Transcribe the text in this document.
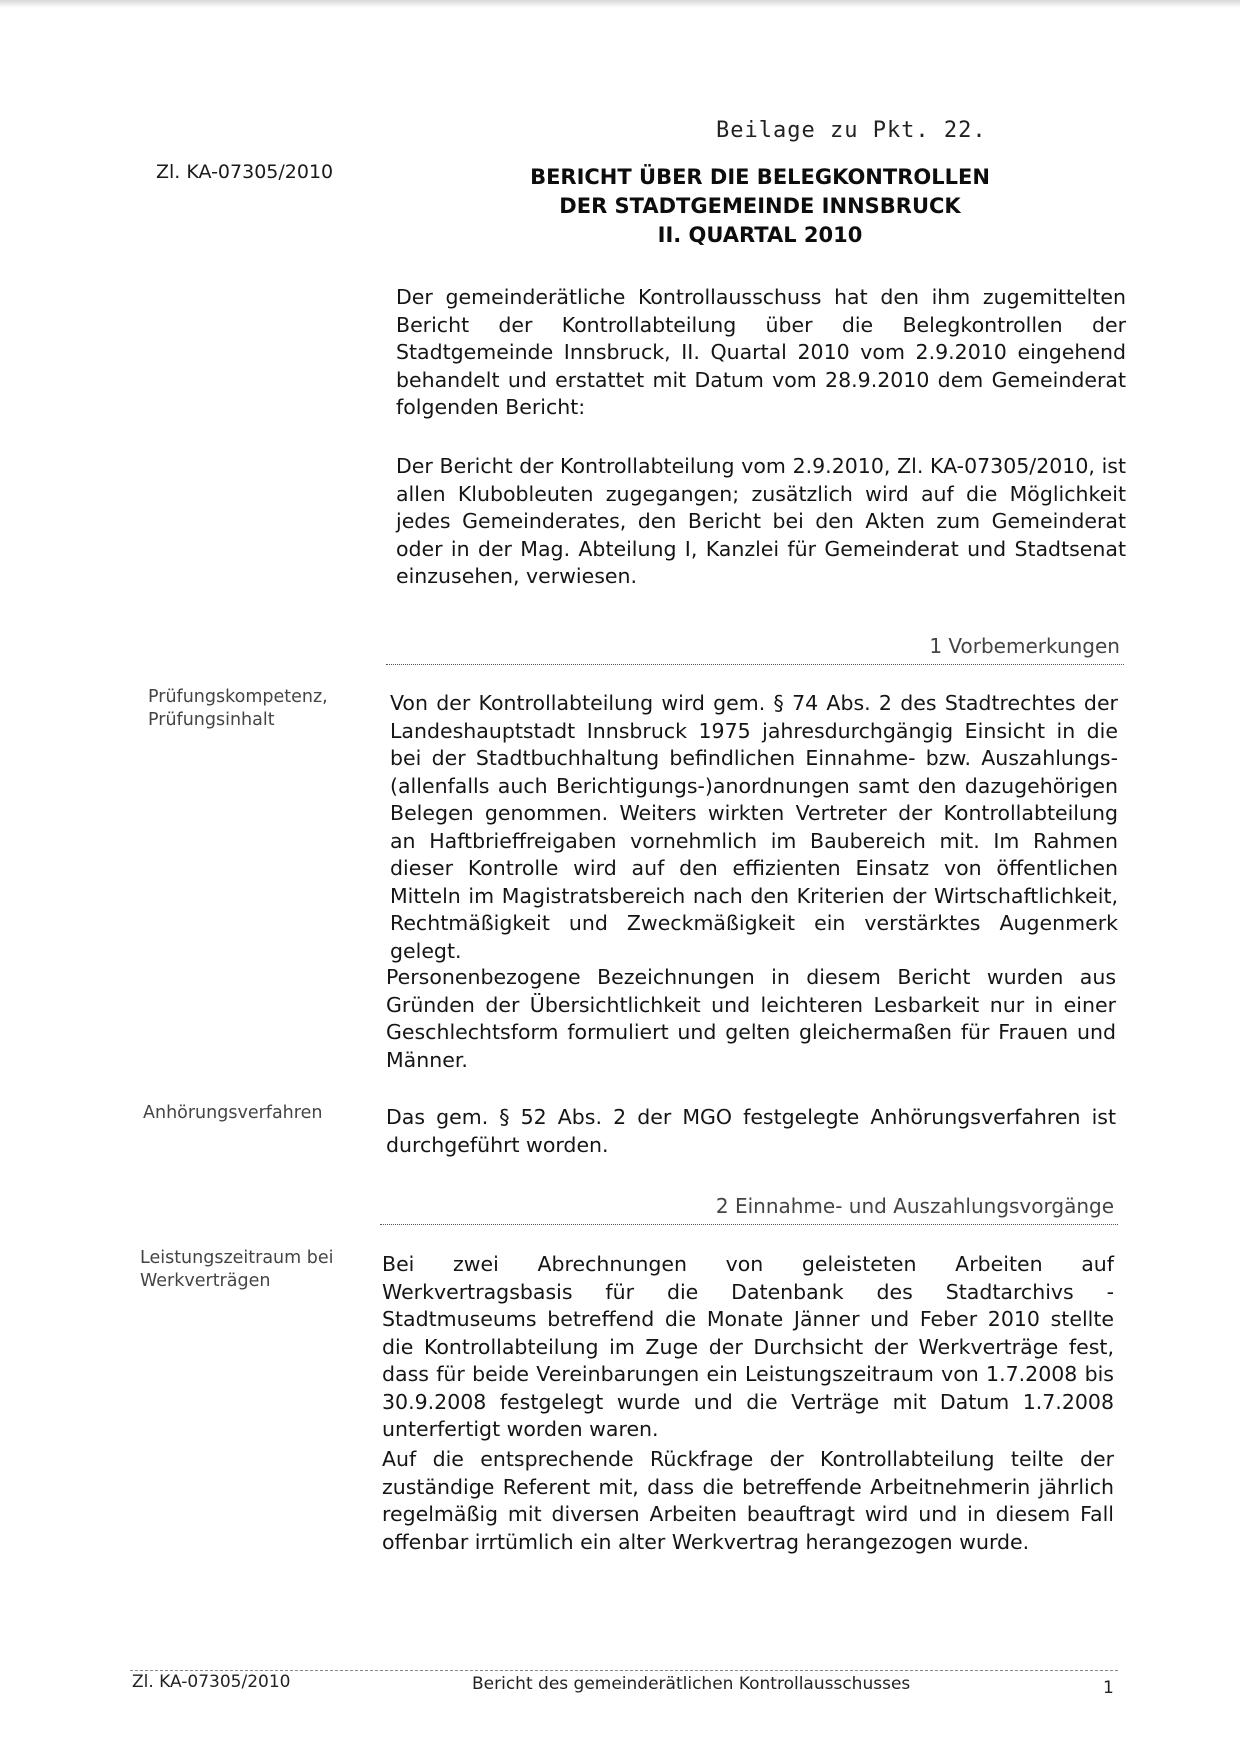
Beilage zu Pkt. 22.
Zl. KA-07305/2010	BERICHT ÜBER DIE BELEGKONTROLLEN
DER STADTGEMEINDE INNSBRUCK
II. QUARTAL 2010

Der gemeinderätliche Kontrollausschuss hat den ihm zugemittelten Bericht der Kontrollabteilung über die Belegkontrollen der Stadtgemeinde Innsbruck, II. Quartal 2010 vom 2.9.2010 eingehend behandelt und erstattet mit Datum vom 28.9.2010 dem Gemeinderat folgenden Bericht:

Der Bericht der Kontrollabteilung vom 2.9.2010, Zl. KA-07305/2010, ist allen Klubobleuten zugegangen; zusätzlich wird auf die Möglichkeit jedes Gemeinderates, den Bericht bei den Akten zum Gemeinderat oder in der Mag. Abteilung I, Kanzlei für Gemeinderat und Stadtsenat einzusehen, verwiesen.

1 Vorbemerkungen
Prüfungskompetenz,
Prüfungsinhalt

Von der Kontrollabteilung wird gem. § 74 Abs. 2 des Stadtrechtes der Landeshauptstadt Innsbruck 1975 jahresdurchgängig Einsicht in die bei der Stadtbuchhaltung befindlichen Einnahme- bzw. Auszahlungs- (allenfalls auch Berichtigungs-)anordnungen samt den dazugehörigen Belegen genommen. Weiters wirkten Vertreter der Kontrollabteilung an Haftbrieffreigaben vornehmlich im Baubereich mit. Im Rahmen dieser Kontrolle wird auf den effizienten Einsatz von öffentlichen Mitteln im Magistratsbereich nach den Kriterien der Wirtschaftlichkeit, Rechtmäßigkeit und Zweckmäßigkeit ein verstärktes Augenmerk gelegt.

Personenbezogene Bezeichnungen in diesem Bericht wurden aus Gründen der Übersichtlichkeit und leichteren Lesbarkeit nur in einer Geschlechtsform formuliert und gelten gleichermaßen für Frauen und Männer.

Anhörungsverfahren	Das gem. § 52 Abs. 2 der MGO festgelegte Anhörungsverfahren ist durchgeführt worden.

2 Einnahme- und Auszahlungsvorgänge
Leistungszeitraum bei
Werkverträgen

Bei zwei Abrechnungen von geleisteten Arbeiten auf Werkvertragsbasis für die Datenbank des Stadtarchivs - Stadtmuseums betreffend die Monate Jänner und Feber 2010 stellte die Kontrollabteilung im Zuge der Durchsicht der Werkverträge fest, dass für beide Vereinbarungen ein Leistungszeitraum von 1.7.2008 bis 30.9.2008 festgelegt wurde und die Verträge mit Datum 1.7.2008 unterfertigt worden waren.

Auf die entsprechende Rückfrage der Kontrollabteilung teilte der zuständige Referent mit, dass die betreffende Arbeitnehmerin jährlich regelmäßig mit diversen Arbeiten beauftragt wird und in diesem Fall offenbar irrtümlich ein alter Werkvertrag herangezogen wurde.

Zl. KA-07305/2010	Bericht des gemeinderätlichen Kontrollausschusses	1
